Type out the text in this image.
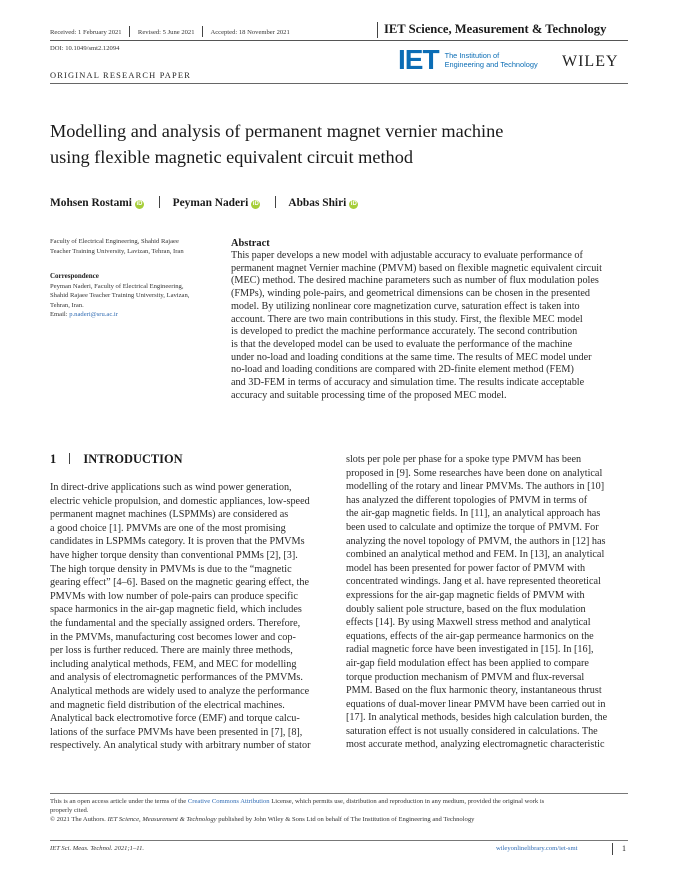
Received: 1 February 2021 Revised: 5 June 2021 Accepted: 18 November 2021	IET Science, Measurement & Technology
DOI: 10.1049/smt2.12094	IET The Institution of
Engineering and Technology WILEY
ORIGINAL RESEARCH PAPER
Modelling and analysis of permanent magnet vernier machine
using flexible magnetic equivalent circuit method
Mohsen Rostami iD	Peyman Naderi iD	Abbas Shiri iD
Faculty of Electrical Engineering, Shahid Rajaee
Teacher Training University, Lavizan, Tehran, Iran
Correspondence
Peyman Naderi, Faculty of Electrical Engineering,
Shahid Rajaee Teacher Training University, Lavizan,
Tehran, Iran.
Email: p.naderi@sru.ac.ir
Abstract
This paper develops a new model with adjustable accuracy to evaluate performance of
permanent magnet Vernier machine (PMVM) based on flexible magnetic equivalent circuit
(MEC) method. The desired machine parameters such as number of flux modulation poles
(FMPs), winding pole-pairs, and geometrical dimensions can be chosen in the presented
model. By utilizing nonlinear core magnetization curve, saturation effect is taken into
account. There are two main contributions in this study. First, the flexible MEC model
is developed to predict the machine performance accurately. The second contribution
is that the developed model can be used to evaluate the performance of the machine
under no-load and loading conditions at the same time. The results of MEC model under
no-load and loading conditions are compared with 2D-finite element method (FEM)
and 3D-FEM in terms of accuracy and simulation time. The results indicate acceptable
accuracy and suitable processing time of the proposed MEC model.
1 INTRODUCTION
In direct-drive applications such as wind power generation,
electric vehicle propulsion, and domestic appliances, low-speed
permanent magnet machines (LSPMMs) are considered as
a good choice [1]. PMVMs are one of the most promising
candidates in LSPMMs category. It is proven that the PMVMs
have higher torque density than conventional PMMs [2], [3].
The high torque density in PMVMs is due to the “magnetic
gearing effect” [4–6]. Based on the magnetic gearing effect, the
PMVMs with low number of pole-pairs can produce specific
space harmonics in the air-gap magnetic field, which includes
the fundamental and the specially assigned orders. Therefore,
in the PMVMs, manufacturing cost becomes lower and cop-
per loss is further reduced. There are mainly three methods,
including analytical methods, FEM, and MEC for modelling
and analysis of electromagnetic performances of the PMVMs.
Analytical methods are widely used to analyze the performance
and magnetic field distribution of the electrical machines.
Analytical back electromotive force (EMF) and torque calcu-
lations of the surface PMVMs have been presented in [7], [8],
respectively. An analytical study with arbitrary number of stator
slots per pole per phase for a spoke type PMVM has been
proposed in [9]. Some researches have been done on analytical
modelling of the rotary and linear PMVMs. The authors in [10]
has analyzed the different topologies of PMVM in terms of
the air-gap magnetic fields. In [11], an analytical approach has
been used to calculate and optimize the torque of PMVM. For
analyzing the novel topology of PMVM, the authors in [12] has
combined an analytical method and FEM. In [13], an analytical
model has been presented for power factor of PMVM with
concentrated windings. Jang et al. have represented theoretical
expressions for the air-gap magnetic fields of PMVM with
doubly salient pole structure, based on the flux modulation
effects [14]. By using Maxwell stress method and analytical
equations, effects of the air-gap permeance harmonics on the
radial magnetic force have been investigated in [15]. In [16],
air-gap field modulation effect has been applied to compare
torque production mechanism of PMVM and flux-reversal
PMM. Based on the flux harmonic theory, instantaneous thrust
equations of dual-mover linear PMVM have been carried out in
[17]. In analytical methods, besides high calculation burden, the
saturation effect is not usually considered in calculations. The
most accurate method, analyzing electromagnetic characteristic
This is an open access article under the terms of the Creative Commons Attribution License, which permits use, distribution and reproduction in any medium, provided the original work is
properly cited.
© 2021 The Authors. IET Science, Measurement & Technology published by John Wiley & Sons Ltd on behalf of The Institution of Engineering and Technology
IET Sci. Meas. Technol. 2021;1–11.	wileyonlinelibrary.com/iet-smt	1
